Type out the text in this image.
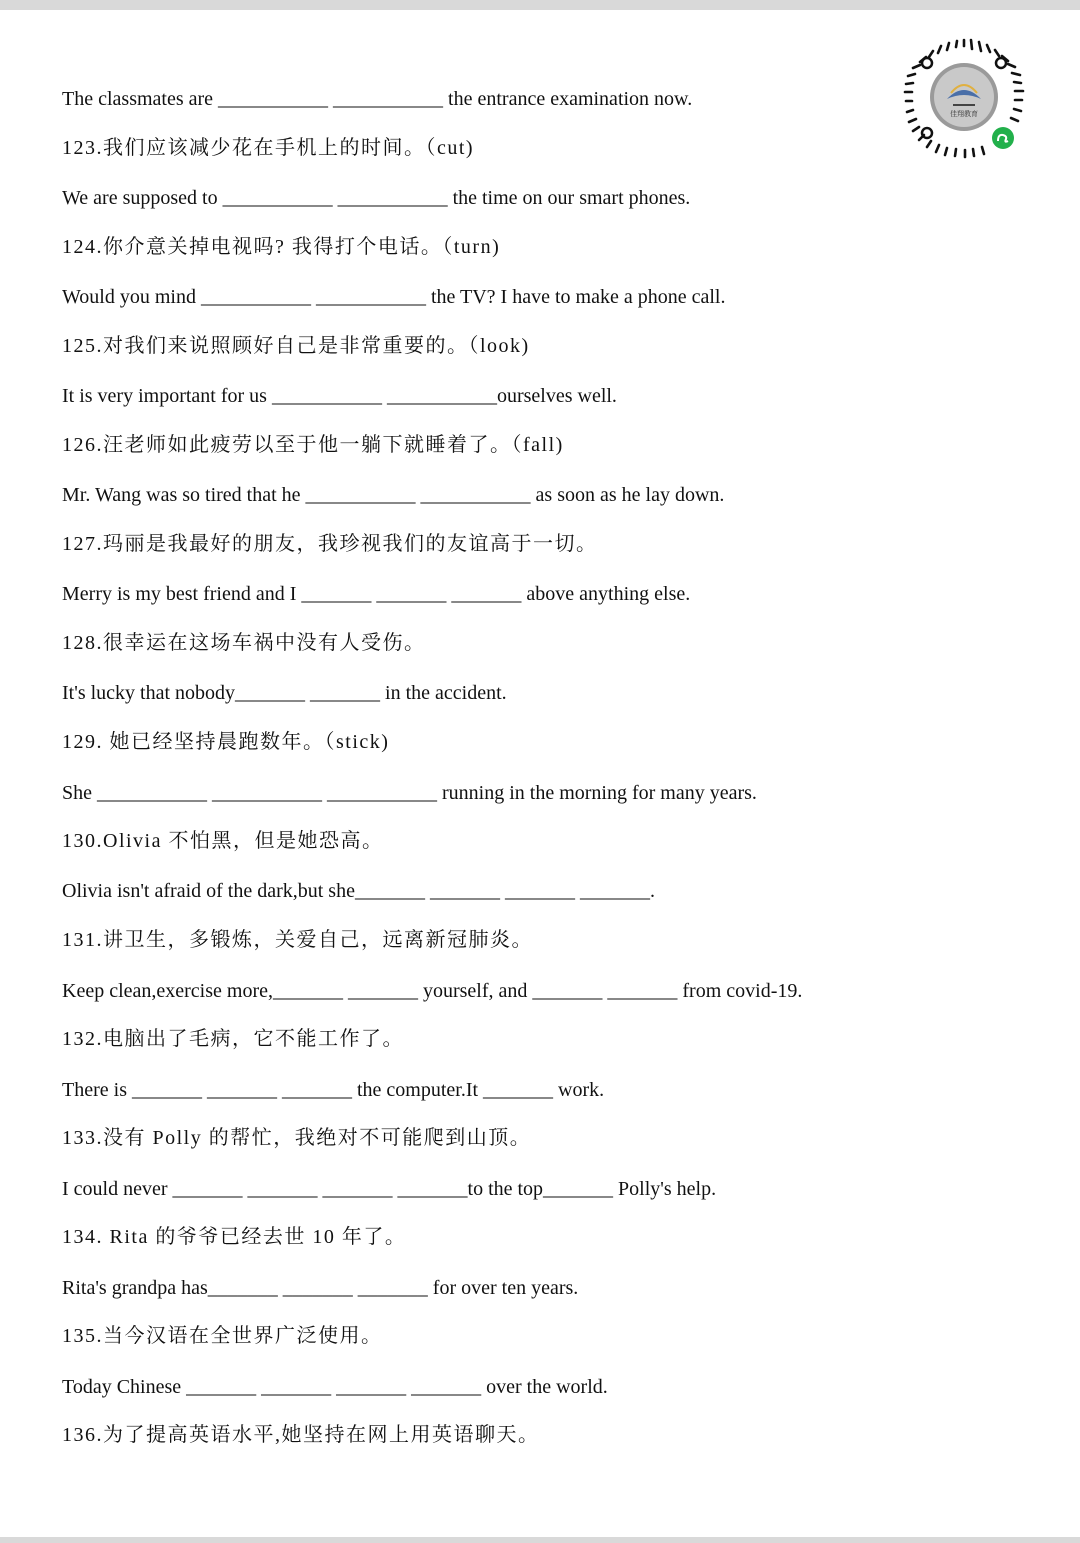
佳翔教育
The classmates are ___________ ___________ the entrance examination now.
123.我们应该减少花在手机上的时间。（cut)
We are supposed to ___________ ___________ the time on our smart phones.
124.你介意关掉电视吗? 我得打个电话。（turn)
Would you mind ___________ ___________ the TV? I have to make a phone call.
125.对我们来说照顾好自己是非常重要的。（look)
It is very important for us ___________ ___________ourselves well.
126.汪老师如此疲劳以至于他一躺下就睡着了。（fall)
Mr. Wang was so tired that he ___________ ___________ as soon as he lay down.
127.玛丽是我最好的朋友，我珍视我们的友谊高于一切。
Merry is my best friend and I _______ _______ _______ above anything else.
128.很幸运在这场车祸中没有人受伤。
It's lucky that nobody_______ _______ in the accident.
129. 她已经坚持晨跑数年。（stick)
She ___________ ___________ ___________ running in the morning for many years.
130.Olivia 不怕黑，但是她恐高。
Olivia isn't afraid of the dark,but she_______ _______ _______ _______.
131.讲卫生，多锻炼，关爱自己，远离新冠肺炎。
Keep clean,exercise more,_______ _______ yourself, and _______ _______ from covid-19.
132.电脑出了毛病，它不能工作了。
There is _______ _______ _______ the computer.It _______ work.
133.没有 Polly 的帮忙，我绝对不可能爬到山顶。
I could never _______ _______ _______ _______to the top_______ Polly's help.
134. Rita 的爷爷已经去世 10 年了。
Rita's grandpa has_______ _______ _______ for over ten years.
135.当今汉语在全世界广泛使用。
Today Chinese _______ _______ _______ _______ over the world.
136.为了提高英语水平,她坚持在网上用英语聊天。
